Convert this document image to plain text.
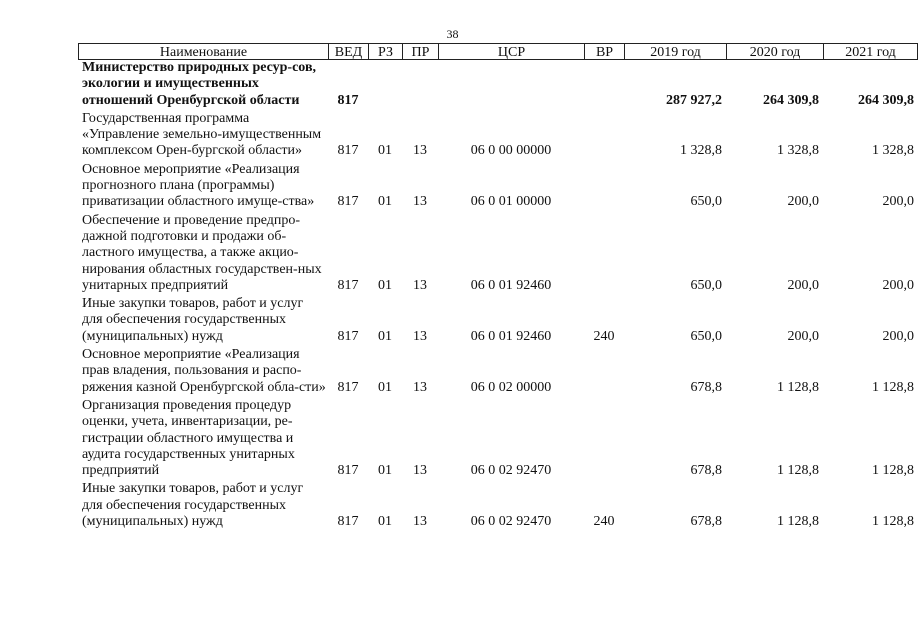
38
Наименование	ВЕД	РЗ	ПР	ЦСР	ВР	2019 год	2020 год	2021 год
Министерство природных ресур-сов, экологии и имущественных отношений Оренбургской области	817	287 927,2	264 309,8	264 309,8
Государственная программа «Управление земельно-имущественным комплексом Орен-бургской области»	817	01	13	06 0 00 00000	1 328,8	1 328,8	1 328,8
Основное мероприятие «Реализация прогнозного плана (программы) приватизации областного имуще-ства»	817	01	13	06 0 01 00000	650,0	200,0	200,0
Обеспечение и проведение предпро-дажной подготовки и продажи об-ластного имущества, а также акцио-нирования областных государствен-ных унитарных предприятий	817	01	13	06 0 01 92460	650,0	200,0	200,0
Иные закупки товаров, работ и услуг для обеспечения государственных (муниципальных) нужд	817	01	13	06 0 01 92460	240	650,0	200,0	200,0
Основное мероприятие «Реализация прав владения, пользования и распо-ряжения казной Оренбургской обла-сти» 817	01	13	06 0 02 00000	678,8	1 128,8	1 128,8
Организация проведения процедур оценки, учета, инвентаризации, ре-гистрации областного имущества и аудита государственных унитарных предприятий	817	01	13	06 0 02 92470	678,8	1 128,8	1 128,8
Иные закупки товаров, работ и услуг для обеспечения государственных (муниципальных) нужд	817	01	13	06 0 02 92470	240	678,8	1 128,8	1 128,8
